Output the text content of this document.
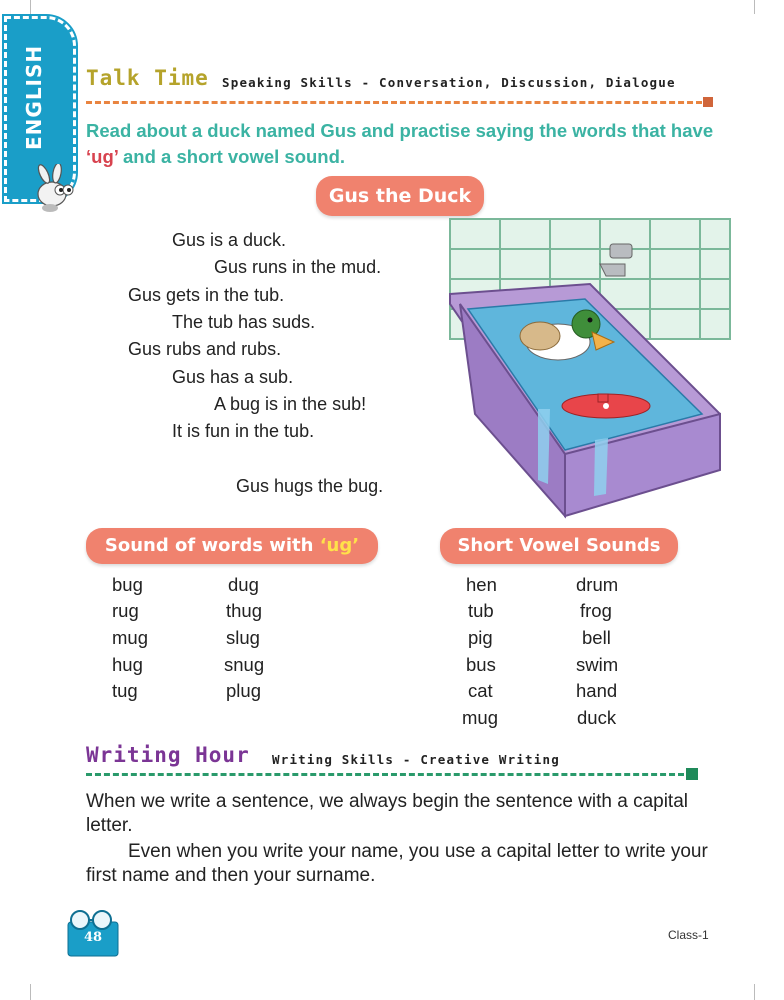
ENGLISH Talk Time Speaking Skills - Conversation, Discussion, Dialogue
Read about a duck named Gus and practise saying the words that have ‘ug’ and a short vowel sound.
Gus the Duck
Gus is a duck.
Gus runs in the mud.
Gus gets in the tub.
The tub has suds.
Gus rubs and rubs.
Gus has a sub.
A bug is in the sub!
It is fun in the tub.
Gus hugs the bug.
Sound of words with ‘ug’
bug
rug
mug
hug
tug
dug
thug
slug
snug
plug
Short Vowel Sounds
hen
tub
pig
bus
cat
mug
drum
frog
bell
swim
hand
duck
Writing Hour Writing Skills - Creative Writing
When we write a sentence, we always begin the sentence with a capital letter.
Even when you write your name, you use a capital letter to write your first name and then your surname.
48	Class-1
